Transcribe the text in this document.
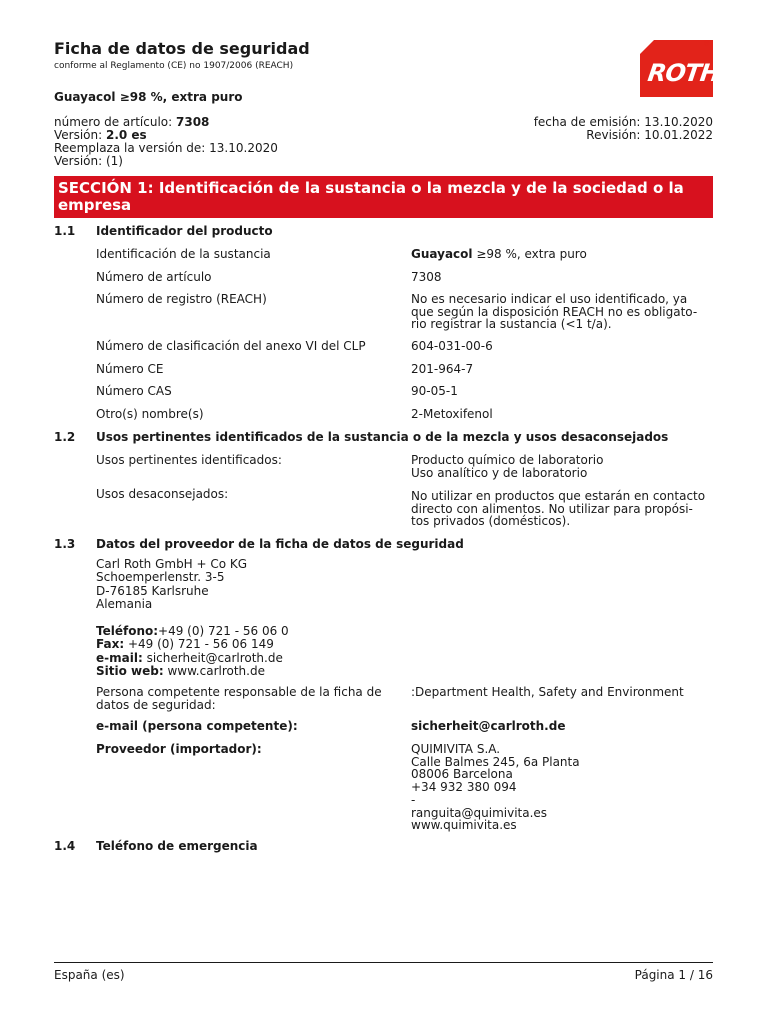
Ficha de datos de seguridad
conforme al Reglamento (CE) no 1907/2006 (REACH)	ROTH
®
Guayacol ≥98 %, extra puro
número de artículo: 7308
Versión: 2.0 es
Reemplaza la versión de: 13.10.2020
Versión: (1)
fecha de emisión: 13.10.2020
Revisión: 10.01.2022
SECCIÓN 1: Identificación de la sustancia o la mezcla y de la sociedad o la empresa
1.1	Identificador del producto
Identificación de la sustancia	Guayacol ≥98 %, extra puro
Número de artículo	7308
Número de registro (REACH)	No es necesario indicar el uso identificado, ya
que según la disposición REACH no es obligato-
rio registrar la sustancia (<1 t/a).
Número de clasificación del anexo VI del CLP	604-031-00-6
Número CE	201-964-7
Número CAS	90-05-1
Otro(s) nombre(s)	2-Metoxifenol
1.2	Usos pertinentes identificados de la sustancia o de la mezcla y usos desaconsejados
Usos pertinentes identificados:	Producto químico de laboratorio
Uso analítico y de laboratorio
Usos desaconsejados:	No utilizar en productos que estarán en contacto
directo con alimentos. No utilizar para propósi-
tos privados (domésticos).
1.3	Datos del proveedor de la ficha de datos de seguridad
Carl Roth GmbH + Co KG
Schoemperlenstr. 3-5
D-76185 Karlsruhe
Alemania
Teléfono:+49 (0) 721 - 56 06 0
Fax: +49 (0) 721 - 56 06 149
e-mail: sicherheit@carlroth.de
Sitio web: www.carlroth.de
Persona competente responsable de la ficha de datos de seguridad:
:Department Health, Safety and Environment
e-mail (persona competente):	sicherheit@carlroth.de
Proveedor (importador):	QUIMIVITA S.A.
Calle Balmes 245, 6a Planta
08006 Barcelona
+34 932 380 094
-
ranguita@quimivita.es
www.quimivita.es
1.4	Teléfono de emergencia
España (es)	Página 1 / 16
